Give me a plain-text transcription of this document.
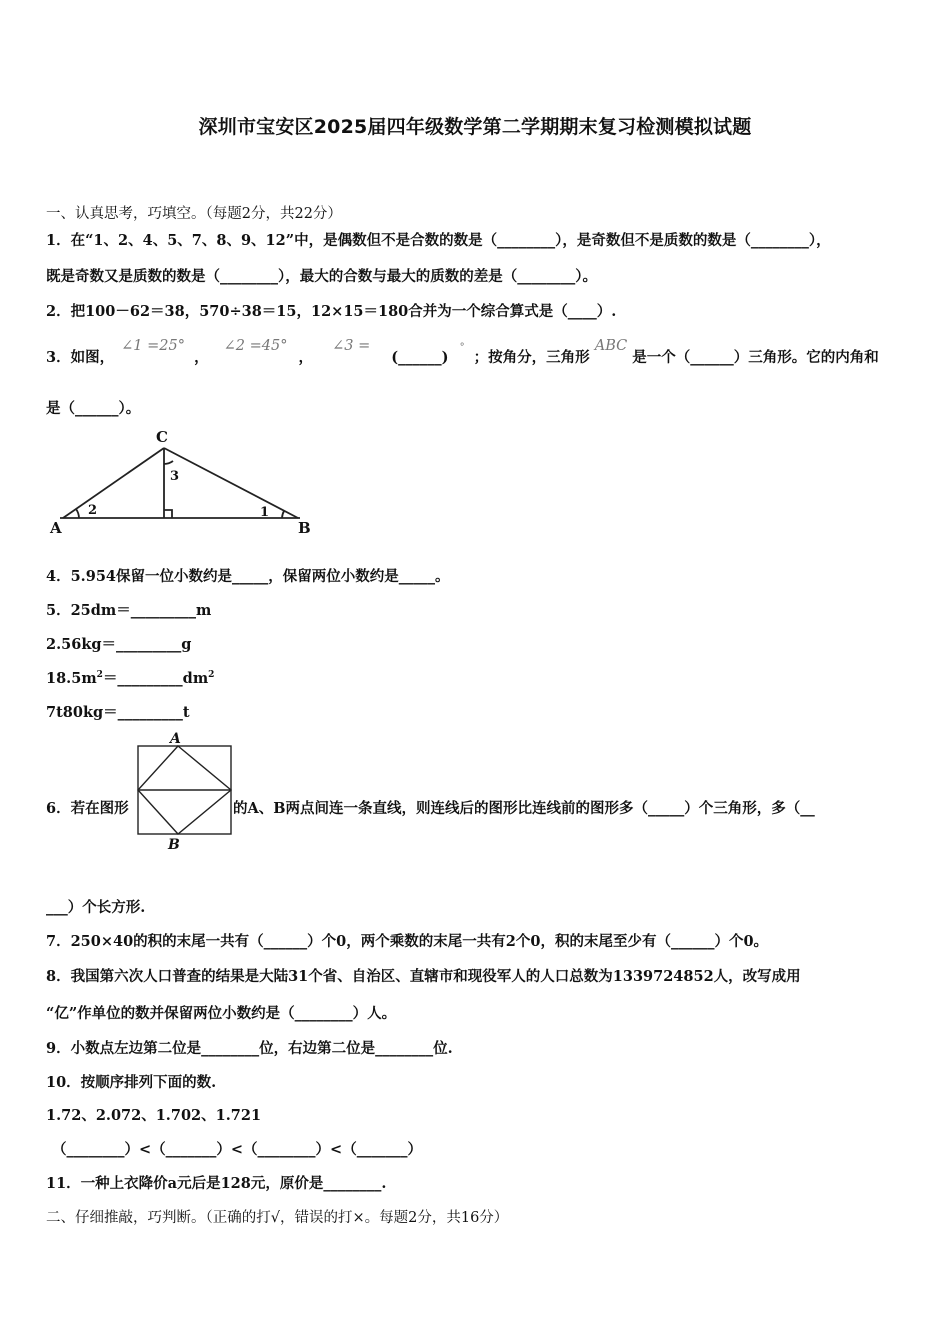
深圳市宝安区2025届四年级数学第二学期期末复习检测模拟试题
一、认真思考，巧填空。（每题2分，共22分）
1．在“1、2、4、5、7、8、9、12”中，是偶数但不是合数的数是（________），是奇数但不是质数的数是（________），
既是奇数又是质数的数是（________），最大的合数与最大的质数的差是（________）。
2．把100－62＝38，570÷38＝15，12×15＝180合并为一个综合算式是（____）.
3．如图， ∠1 =25° ， ∠2 =45° ， ∠3 = (______) ° ；按角分，三角形 ABC 是一个（______）三角形。它的内角和
是（______）。
A	B
C
2
3
1
4．5.954保留一位小数约是_____，保留两位小数约是_____。
5．25dm＝_________m
2.56kg＝_________g
$18.5m^2=\_\_\_\_\_\_\_\_\_dm^2$
7t80kg＝_________t
6．若在图形
A
B
的A、B两点间连一条直线，则连线后的图形比连线前的图形多（_____）个三角形，多（__
___）个长方形.
7．250×40的积的末尾一共有（______）个0，两个乘数的末尾一共有2个0，积的末尾至少有（______）个0。
8．我国第六次人口普查的结果是大陆31个省、自治区、直辖市和现役军人的人口总数为1339724852人，改写成用
“亿”作单位的数并保留两位小数约是（________）人。
9．小数点左边第二位是________位，右边第二位是________位.
10．按顺序排列下面的数.
1.72、2.072、1.702、1.721
（________）<（_______）<（________）<（_______）
11．一种上衣降价a元后是128元，原价是________.
二、仔细推敲，巧判断。（正确的打√，错误的打×。每题2分，共16分）
